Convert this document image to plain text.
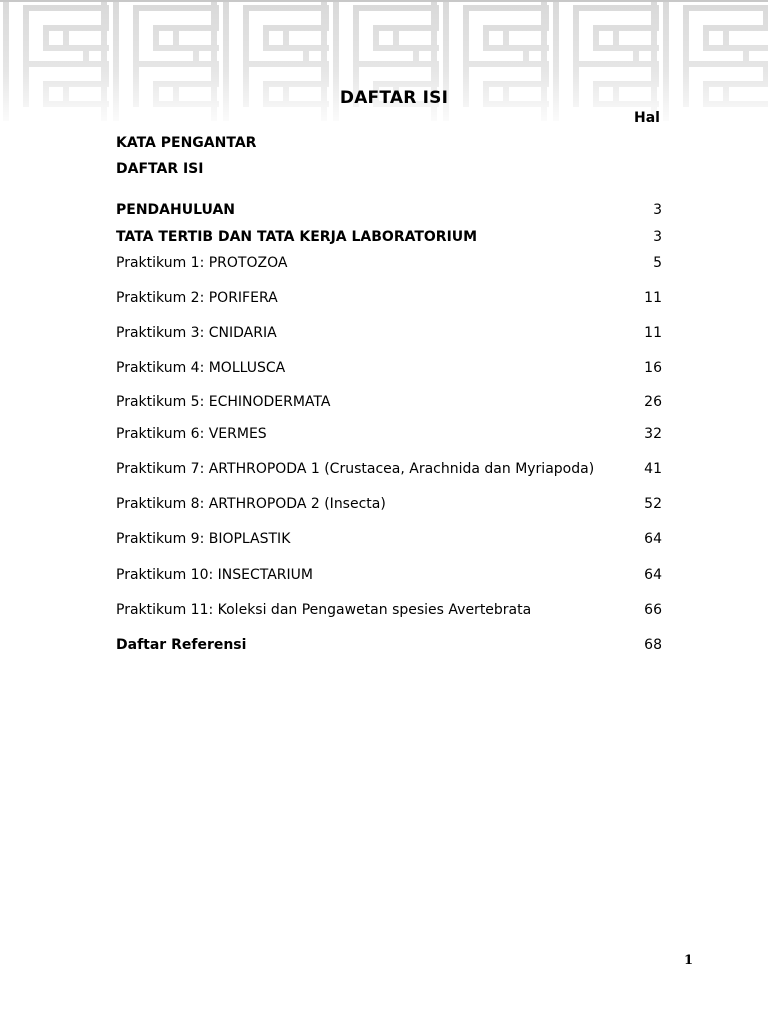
DAFTAR ISI
Hal
KATA PENGANTAR
DAFTAR ISI
PENDAHULUAN	3
TATA TERTIB DAN TATA KERJA LABORATORIUM	3
Praktikum 1: PROTOZOA	5
Praktikum 2: PORIFERA	11
Praktikum 3: CNIDARIA	11
Praktikum 4: MOLLUSCA	16
Praktikum 5: ECHINODERMATA	26
Praktikum 6: VERMES	32
Praktikum 7: ARTHROPODA 1 (Crustacea, Arachnida dan Myriapoda)	41
Praktikum 8: ARTHROPODA 2 (Insecta)	52
Praktikum 9: BIOPLASTIK	64
Praktikum 10: INSECTARIUM	64
Praktikum 11: Koleksi dan Pengawetan spesies Avertebrata	66
Daftar Referensi	68
1
